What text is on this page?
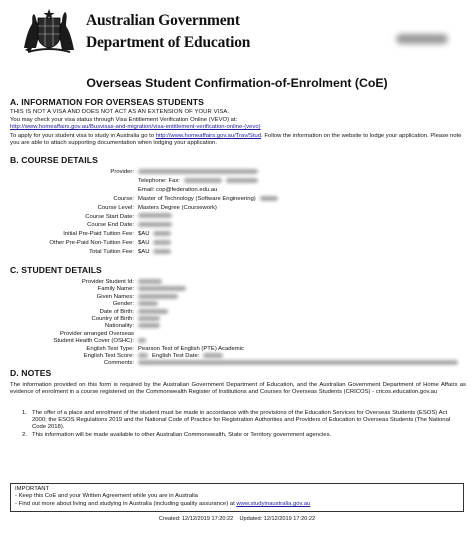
Australian Government
Department of Education
Overseas Student Confirmation-of-Enrolment (CoE)
A. INFORMATION FOR OVERSEAS STUDENTS
THIS IS NOT A VISA AND DOES NOT ACT AS AN EXTENSION OF YOUR VISA.
You may check your visa status through Visa Entitlement Verification Online (VEVO) at:
http://www.homeaffairs.gov.au/Busvisas-and-migration/visa-entitlement-verification-online-(vevo)
To apply for your student visa to study in Australia go to http://www.homeaffairs.gov.au/Trav/Stud. Follow the information on the website to lodge your application. Please note you are able to attach supporting documentation when lodging your application.
B. COURSE DETAILS
Provider:
Telephone: Fax:
Email: cop@federation.edu.au
Course: Master of Technology (Software Engineering)
Course Level: Masters Degree (Coursework)
Course Start Date:
Course End Date:
Initial Pre-Paid Tuition Fee: $AU
Other Pre-Paid Non-Tuition Fee: $AU
Total Tuition Fee: $AU
C. STUDENT DETAILS
Provider Student Id:
Family Name:
Given Names:
Gender:
Date of Birth:
Country of Birth:
Nationality:
Provider arranged Overseas
Student Health Cover (OSHC):
English Test Type: Pearson Test of English (PTE) Academic
English Test Score:	English Test Date:
Comments:
D. NOTES
The information provided on this form is required by the Australian Government Department of Education, and the Australian Government Department of Home Affairs as evidence of enrolment in a course registered on the Commonwealth Register of Institutions and Courses for Overseas Students (CRICOS) - cricos.education.gov.au
1. The offer of a place and enrolment of the student must be made in accordance with the provisions of the Education Services for Overseas Students (ESOS) Act 2000; the ESOS Regulations 2019 and the National Code of Practice for Registration Authorities and Providers of Education to Overseas Students (The National Code 2018).
2. This information will be made available to other Australian Commonwealth, State or Territory government agencies.
IMPORTANT
- Keep this CoE and your Written Agreement while you are in Australia
- Find out more about living and studying in Australia (including quality assurance) at www.studyinaustralia.gov.au
Created: 12/12/2019 17:20:22 Updated: 12/12/2019 17:20:22
